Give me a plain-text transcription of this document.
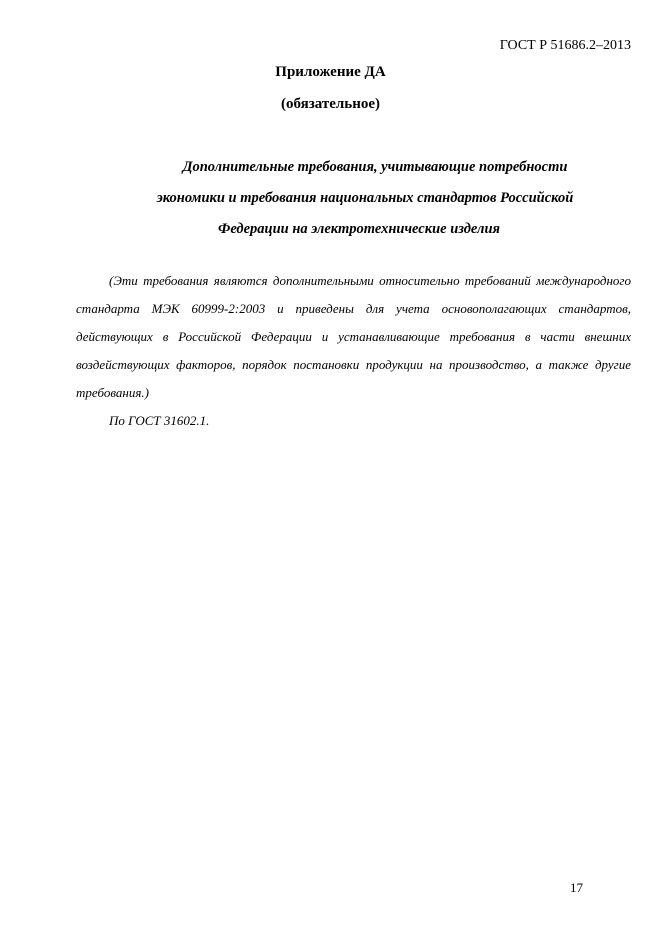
ГОСТ Р 51686.2–2013
Приложение ДА
(обязательное)
Дополнительные требования, учитывающие потребности
экономики и требования национальных стандартов Российской
Федерации на электротехнические изделия
(Эти требования являются дополнительными относительно требований международного стандарта МЭК 60999-2:2003 и приведены для учета основополагающих стандартов, действующих в Российской Федерации и устанавливающие требования в части внешних воздействующих факторов, порядок постановки продукции на производство, а также другие требования.)
По ГОСТ 31602.1.
17
